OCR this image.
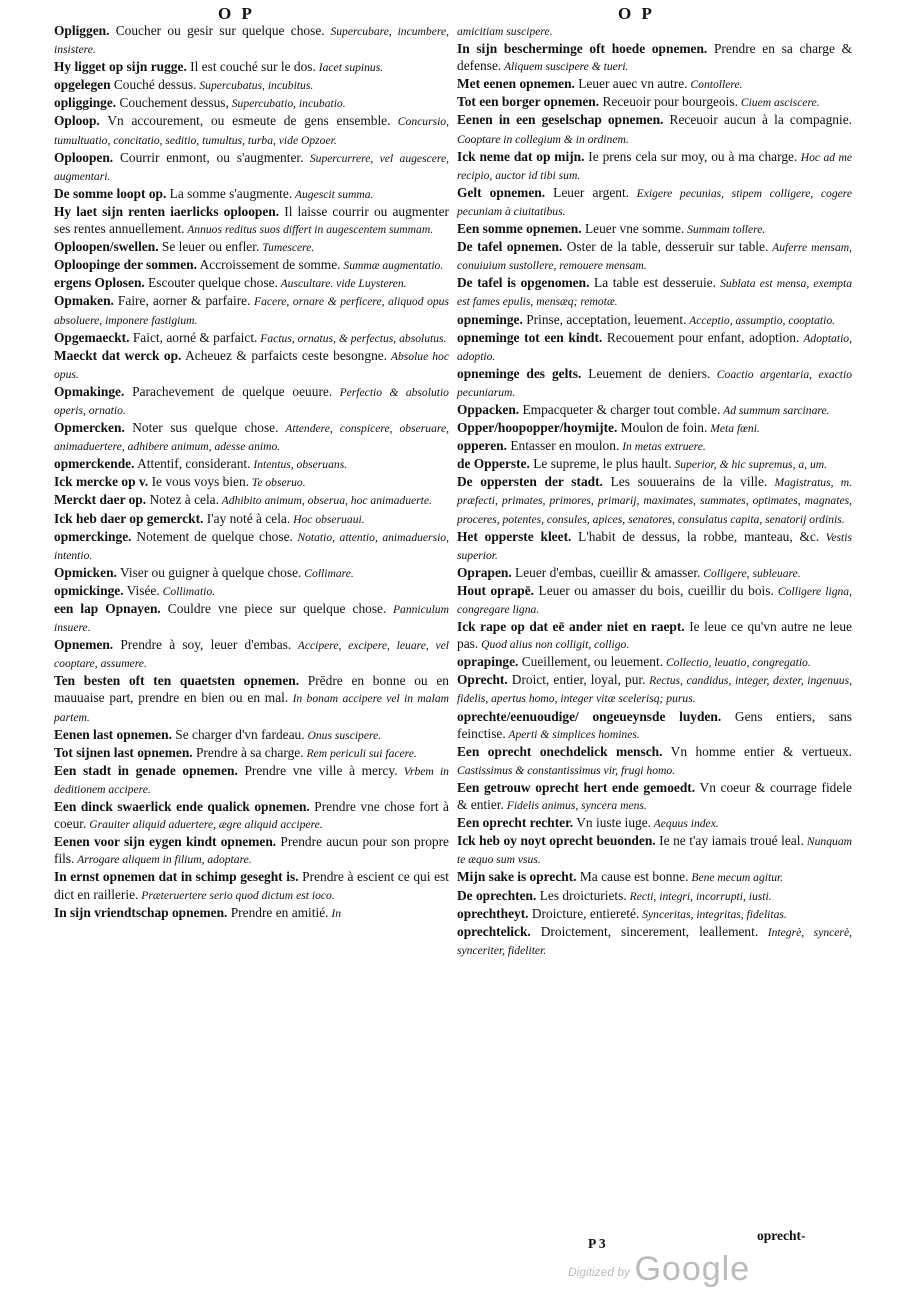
O P	O P

Opliggen. Coucher ou gesir sur quelque chose. Supercubare, incumbere, insistere.

Hy ligget op sijn rugge. Il est couché sur le dos. Iacet supinus.

opgelegen Couché dessus. Supercubatus, incubitus.

opligginge. Couchement dessus, Supercubatio, incubatio.

Oploop. Vn accourement, ou esmeute de gens ensemble. Concursio, tumultuatio, concitatio, seditio, tumultus, turba, vide Opzoer.

Oploopen. Courrir enmont, ou s'augmenter. Supercurrere, vel augescere, augmentari.

De somme loopt op. La somme s'augmente. Augescit summa.

Hy laet sijn renten iaerlicks oploopen. Il laisse courrir ou augmenter ses rentes annuellement. Annuos reditus suos differt in augescentem summam.

Oploopen/swellen. Se leuer ou enfler. Tumescere.

Oploopinge der sommen. Accroissement de somme. Summæ augmentatio.

ergens Oplosen. Escouter quelque chose. Auscultare. vide Luysteren.

Opmaken. Faire, aorner & parfaire. Facere, ornare & perficere, aliquod opus absoluere, imponere fastigium.

Opgemaeckt. Faict, aorné & parfaict. Factus, ornatus, & perfectus, absolutus.

Maeckt dat werck op. Acheuez & parfaicts ceste besongne. Absolue hoc opus.

Opmakinge. Parachevement de quelque oeuure. Perfectio & absolutio operis, ornatio.

Opmercken. Noter sus quelque chose. Attendere, conspicere, obseruare, animaduertere, adhibere animum, adesse animo.

opmerckende. Attentif, considerant. Intentus, obseruans.

Ick mercke op v. Ie vous voys bien. Te obseruo.

Merckt daer op. Notez à cela. Adhibito animum, obserua, hoc animaduerte.

Ick heb daer op gemerckt. I'ay noté à cela. Hoc obseruaui.

opmerckinge. Notement de quelque chose. Notatio, attentio, animaduersio, intentio.

Opmicken. Viser ou guigner à quelque chose. Collimare.

opmickinge. Visée. Collimatio.

een lap Opnayen. Couldre vne piece sur quelque chose. Panniculum insuere.

Opnemen. Prendre à soy, leuer d'embas. Accipere, excipere, leuare, vel cooptare, assumere.

Ten besten oft ten quaetsten opnemen. Prēdre en bonne ou en mauuaise part, prendre en bien ou en mal. In bonam accipere vel in malam partem.

Eenen last opnemen. Se charger d'vn fardeau. Onus suscipere.

Tot sijnen last opnemen. Prendre à sa charge. Rem periculi sui facere.

Een stadt in genade opnemen. Prendre vne ville à mercy. Vrbem in deditionem accipere.

Een dinck swaerlick ende qualick opnemen. Prendre vne chose fort à coeur. Grauiter aliquid aduertere, ægre aliquid accipere.

Eenen voor sijn eygen kindt opnemen. Prendre aucun pour son propre fils. Arrogare aliquem in filium, adoptare.

In ernst opnemen dat in schimp geseght is. Prendre à escient ce qui est dict en raillerie. Præteruertere serio quod dictum est ioco.

In sijn vriendtschap opnemen. Prendre en amitié. In

amicitiam suscipere.

In sijn bescherminge oft hoede opnemen. Prendre en sa charge & defense. Aliquem suscipere & tueri.

Met eenen opnemen. Leuer auec vn autre. Contollere.

Tot een borger opnemen. Receuoir pour bourgeois. Ciuem asciscere.

Eenen in een geselschap opnemen. Receuoir aucun à la compagnie. Cooptare in collegium & in ordinem.

Ick neme dat op mijn. Ie prens cela sur moy, ou à ma charge. Hoc ad me recipio, auctor id tibi sum.

Gelt opnemen. Leuer argent. Exigere pecunias, stipem colligere, cogere pecuniam à ciuitatibus.

Een somme opnemen. Leuer vne somme. Summam tollere.

De tafel opnemen. Oster de la table, desseruir sur table. Auferre mensam, conuiuium sustollere, remouere mensam.

De tafel is opgenomen. La table est desseruie. Sublata est mensa, exempta est fames epulis, mensæq; remotæ.

opneminge. Prinse, acceptation, leuement. Acceptio, assumptio, cooptatio.

opneminge tot een kindt. Recouement pour enfant, adoption. Adoptatio, adoptio.

opneminge des gelts. Leuement de deniers. Coactio argentaria, exactio pecuniarum.

Oppacken. Empacqueter & charger tout comble. Ad summum sarcinare.

Opper/hoopopper/hoymijte. Moulon de foin. Meta fœni.

opperen. Entasser en moulon. In metas extruere.

de Opperste. Le supreme, le plus hault. Superior, & hic supremus, a, um.

De oppersten der stadt. Les souuerains de la ville. Magistratus, m. præfecti, primates, primores, primarij, maximates, summates, optimates, magnates, proceres, potentes, consules, apices, senatores, consulatus capita, senatorij ordinis.

Het opperste kleet. L'habit de dessus, la robbe, manteau, &c. Vestis superior.

Oprapen. Leuer d'embas, cueillir & amasser. Colligere, subleuare.

Hout oprapē. Leuer ou amasser du bois, cueillir du bois. Colligere ligna, congregare ligna.

Ick rape op dat eē ander niet en raept. Ie leue ce qu'vn autre ne leue pas. Quod alius non colligit, colligo.

oprapinge. Cueillement, ou leuement. Collectio, leuatio, congregatio.

Oprecht. Droict, entier, loyal, pur. Rectus, candidus, integer, dexter, ingenuus, fidelis, apertus homo, integer vitæ scelerisq; purus.

oprechte/eenuoudige/ ongeueynsde luyden. Gens entiers, sans feinctise. Aperti & simplices homines.

Een oprecht onechdelick mensch. Vn homme entier & vertueux. Castissimus & constantissimus vir, frugi homo.

Een getrouw oprecht hert ende gemoedt. Vn coeur & courrage fidele & entier. Fidelis animus, syncera mens.

Een oprecht rechter. Vn iuste iuge. Aequus index.

Ick heb oy noyt oprecht beuonden. Ie ne t'ay iamais troué leal. Nunquam te æquo sum vsus.

Mijn sake is oprecht. Ma cause est bonne. Bene mecum agitur.

De oprechten. Les droicturiets. Recti, integri, incorrupti, iusti.

oprechtheyt. Droicture, entiereté. Synceritas, integritas, fidelitas.

oprechtelick. Droictement, sincerement, leallement. Integrè, syncerè, synceriter, fideliter.

P 3
oprecht-
Digitized by Google
